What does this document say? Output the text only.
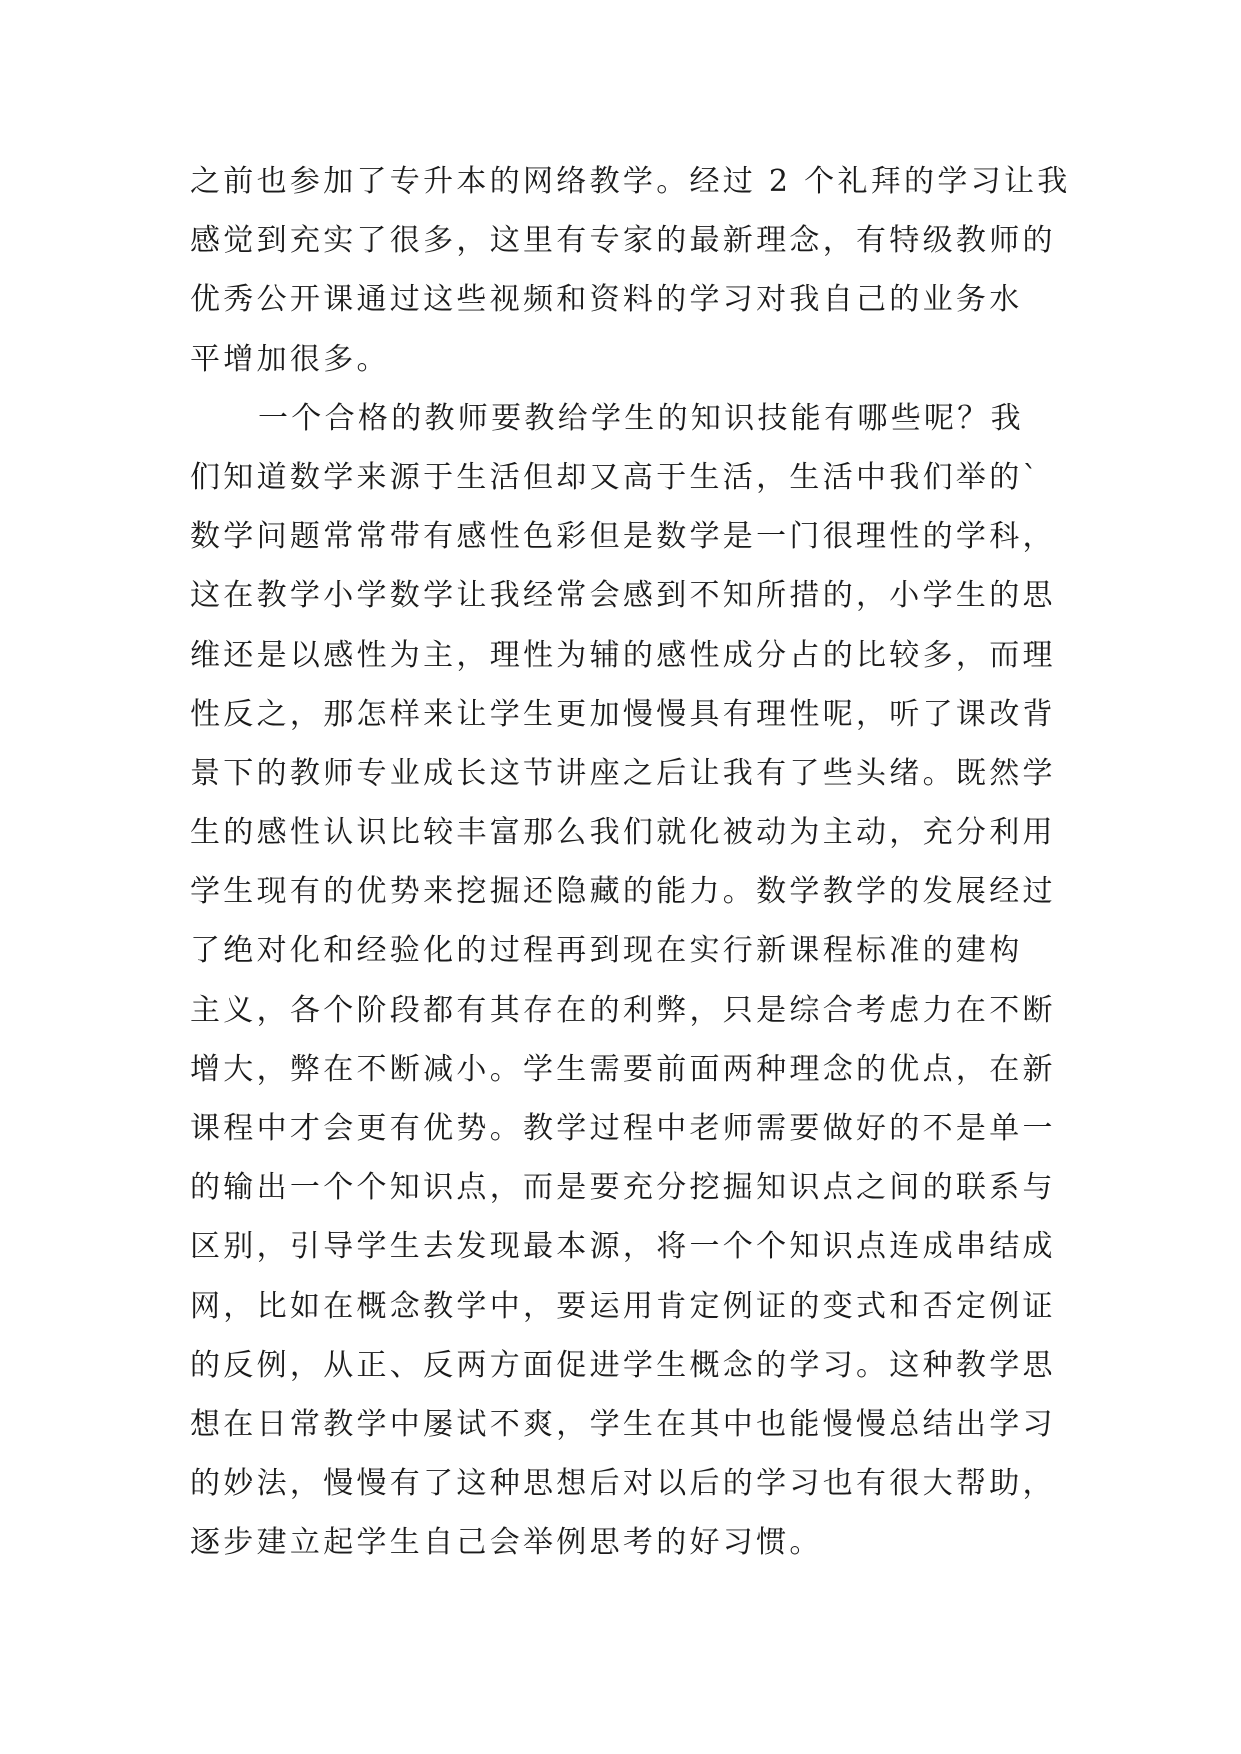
之前也参加了专升本的网络教学。经过 2 个礼拜的学习让我
感觉到充实了很多，这里有专家的最新理念，有特级教师的
优秀公开课通过这些视频和资料的学习对我自己的业务水
平增加很多。
一个合格的教师要教给学生的知识技能有哪些呢？我
们知道数学来源于生活但却又高于生活，生活中我们举的`
数学问题常常带有感性色彩但是数学是一门很理性的学科，
这在教学小学数学让我经常会感到不知所措的，小学生的思
维还是以感性为主，理性为辅的感性成分占的比较多，而理
性反之，那怎样来让学生更加慢慢具有理性呢，听了课改背
景下的教师专业成长这节讲座之后让我有了些头绪。既然学
生的感性认识比较丰富那么我们就化被动为主动，充分利用
学生现有的优势来挖掘还隐藏的能力。数学教学的发展经过
了绝对化和经验化的过程再到现在实行新课程标准的建构
主义，各个阶段都有其存在的利弊，只是综合考虑力在不断
增大，弊在不断减小。学生需要前面两种理念的优点，在新
课程中才会更有优势。教学过程中老师需要做好的不是单一
的输出一个个知识点，而是要充分挖掘知识点之间的联系与
区别，引导学生去发现最本源，将一个个知识点连成串结成
网，比如在概念教学中，要运用肯定例证的变式和否定例证
的反例，从正、反两方面促进学生概念的学习。这种教学思
想在日常教学中屡试不爽，学生在其中也能慢慢总结出学习
的妙法，慢慢有了这种思想后对以后的学习也有很大帮助，
逐步建立起学生自己会举例思考的好习惯。
